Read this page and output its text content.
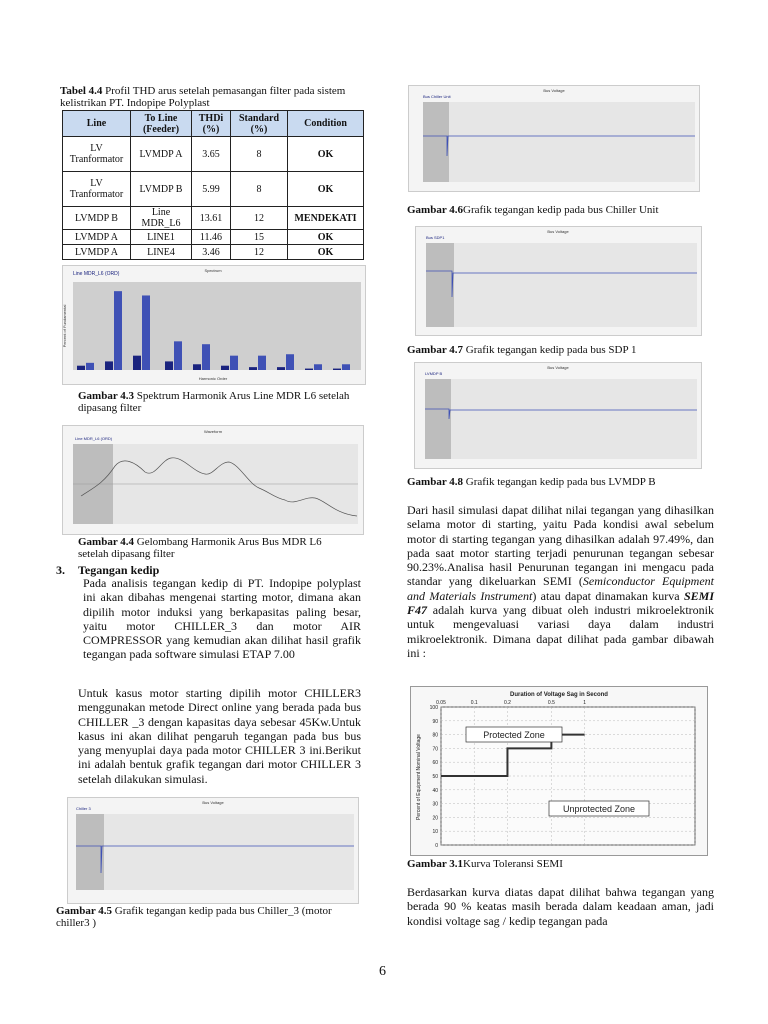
Tabel 4.4 Profil THD arus setelah pemasangan filter pada sistem kelistrikan PT. Indopipe Polyplast
Line	To Line (Feeder)	THDi (%)	Standard (%)	Condition
LV Tranformator	LVMDP A	3.65	8	OK
LV Tranformator	LVMDP B	5.99	8	OK
LVMDP B	Line MDR_L6	13.61	12	MENDEKATI
LVMDP A	LINE1	11.46	15	OK
LVMDP A	LINE4	3.46	12	OK
Line MDR_L6 (ORD)
Spectrum
Harmonic Order
Percent of Fundamental
Gambar 4.3 Spektrum Harmonik Arus Line MDR L6 setelah dipasang filter
Waveform
Line MDR_L6 (ORD)
Gambar 4.4 Gelombang Harmonik Arus Bus MDR L6 setelah dipasang filter
3. Tegangan kedip
Pada analisis tegangan kedip di PT. Indopipe polyplast ini akan dibahas mengenai starting motor, dimana akan dipilih motor induksi yang berkapasitas paling besar, yaitu motor CHILLER_3 dan motor AIR COMPRESSOR yang kemudian akan dilihat hasil grafik tegangan pada software simulasi ETAP 7.00
Untuk kasus motor starting dipilih motor CHILLER3 menggunakan metode Direct online yang berada pada bus CHILLER _3 dengan kapasitas daya sebesar 45Kw.Untuk kasus ini akan dilihat pengaruh tegangan pada bus bus yang menyuplai daya pada motor CHILLER 3 ini.Berikut ini adalah bentuk grafik tegangan dari motor CHILLER 3 setelah dilakukan simulasi.
Bus Voltage
Chiller 3
Gambar 4.5 Grafik tegangan kedip pada bus Chiller_3 (motor chiller3 )
Bus Voltage
Bus Chiller Unit
Gambar 4.6Grafik tegangan kedip pada bus Chiller Unit
Bus Voltage
Bus SDP1
Gambar 4.7 Grafik tegangan kedip pada bus SDP 1
Bus Voltage
LVMDP B
Gambar 4.8 Grafik tegangan kedip pada bus LVMDP B
Dari hasil simulasi dapat dilihat nilai tegangan yang dihasilkan selama motor di starting, yaitu Pada kondisi awal sebelum motor di starting tegangan yang dihasilkan adalah 97.49%, dan pada saat motor starting terjadi penurunan tegangan sebesar 90.23%.Analisa hasil Penurunan tegangan ini mengacu pada standar yang dikeluarkan SEMI (Semiconductor Equipment and Materials Instrument) atau dapat dinamakan kurva SEMI F47 adalah kurva yang dibuat oleh industri mikroelektronik untuk mengevaluasi variasi daya dalam industri mikroelektronik. Dimana dapat dilihat pada gambar dibawah ini :
Duration of Voltage Sag in Second
Percent of Equipment Nominal Voltage
0
10
20
30
40
50
60
70
80
90
100
0.05	0.1	0.2	0.5	1
Protected Zone
Unprotected Zone
Gambar 3.1Kurva Toleransi SEMI
Berdasarkan kurva diatas dapat dilihat bahwa tegangan yang berada 90 % keatas masih berada dalam keadaan aman, jadi kondisi voltage sag / kedip tegangan pada
6
